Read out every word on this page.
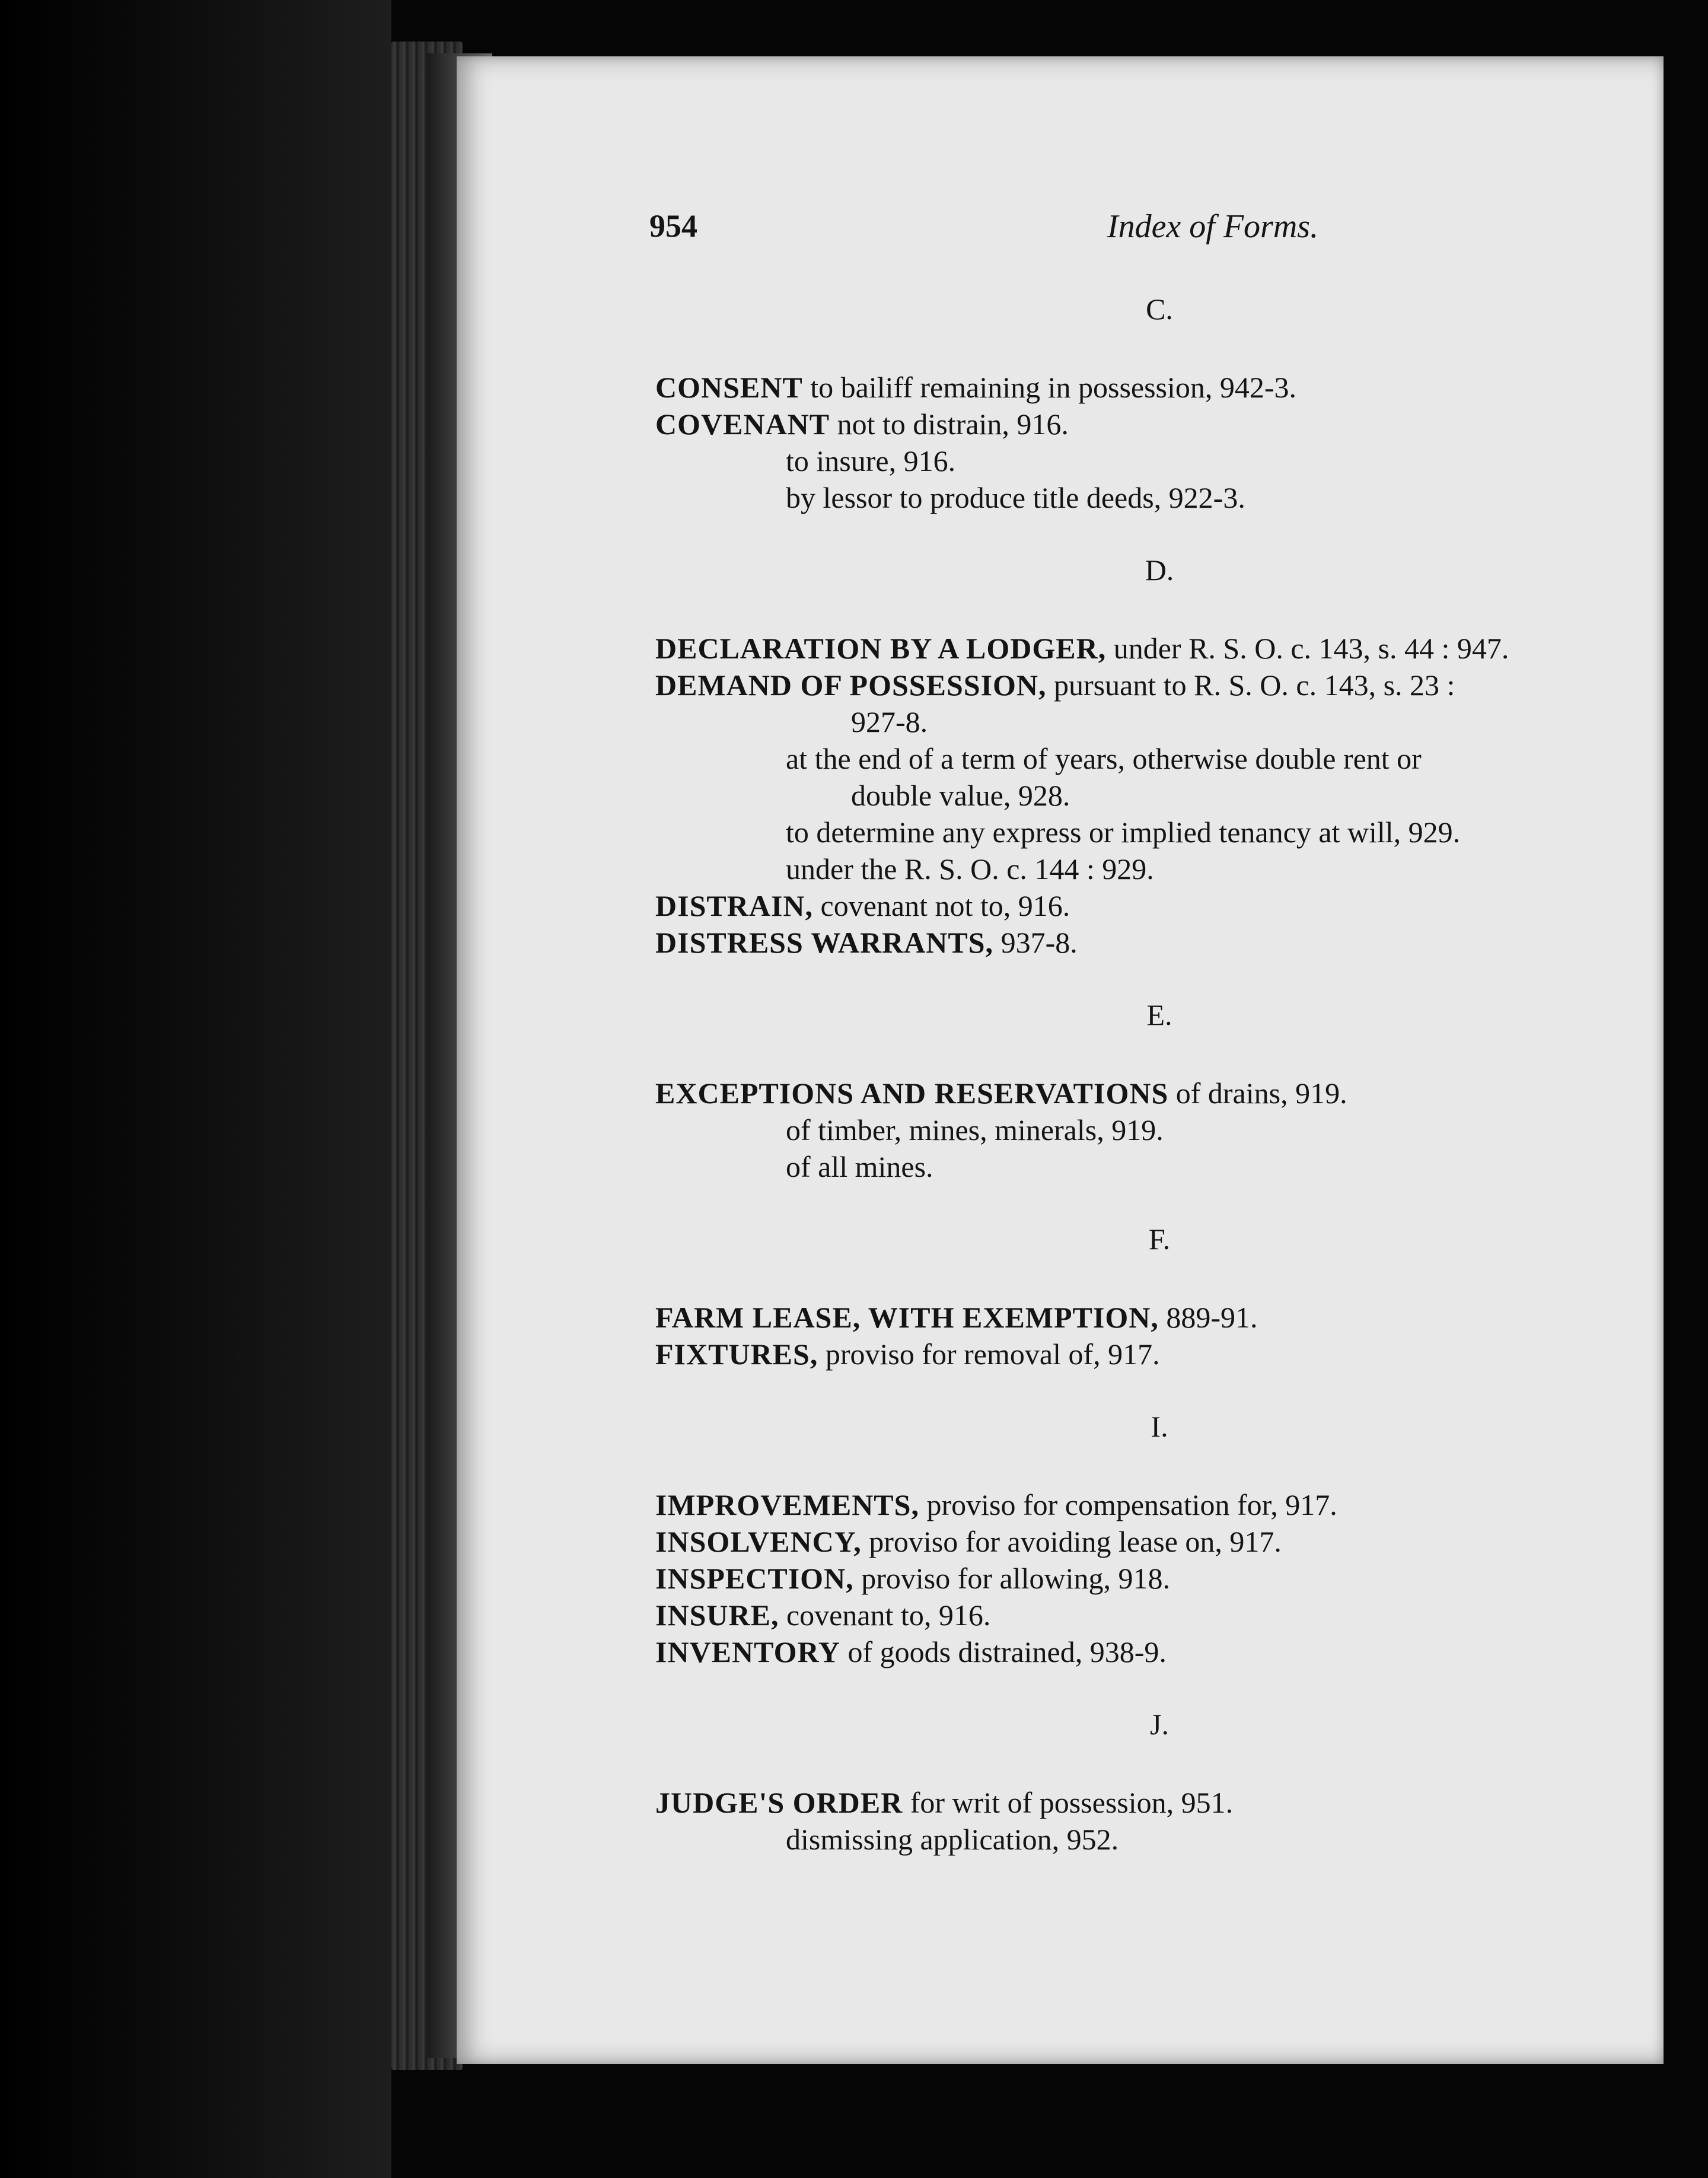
954	Index of Forms.
C.
CONSENT to bailiff remaining in possession, 942-3.
COVENANT not to distrain, 916.
to insure, 916.
by lessor to produce title deeds, 922-3.
D.
DECLARATION BY A LODGER, under R. S. O. c. 143, s. 44 : 947.
DEMAND OF POSSESSION, pursuant to R. S. O. c. 143, s. 23 :
927-8.
at the end of a term of years, otherwise double rent or
double value, 928.
to determine any express or implied tenancy at will, 929.
under the R. S. O. c. 144 : 929.
DISTRAIN, covenant not to, 916.
DISTRESS WARRANTS, 937-8.
E.
EXCEPTIONS AND RESERVATIONS of drains, 919.
of timber, mines, minerals, 919.
of all mines.
F.
FARM LEASE, WITH EXEMPTION, 889-91.
FIXTURES, proviso for removal of, 917.
I.
IMPROVEMENTS, proviso for compensation for, 917.
INSOLVENCY, proviso for avoiding lease on, 917.
INSPECTION, proviso for allowing, 918.
INSURE, covenant to, 916.
INVENTORY of goods distrained, 938-9.
J.
JUDGE'S ORDER for writ of possession, 951.
dismissing application, 952.
